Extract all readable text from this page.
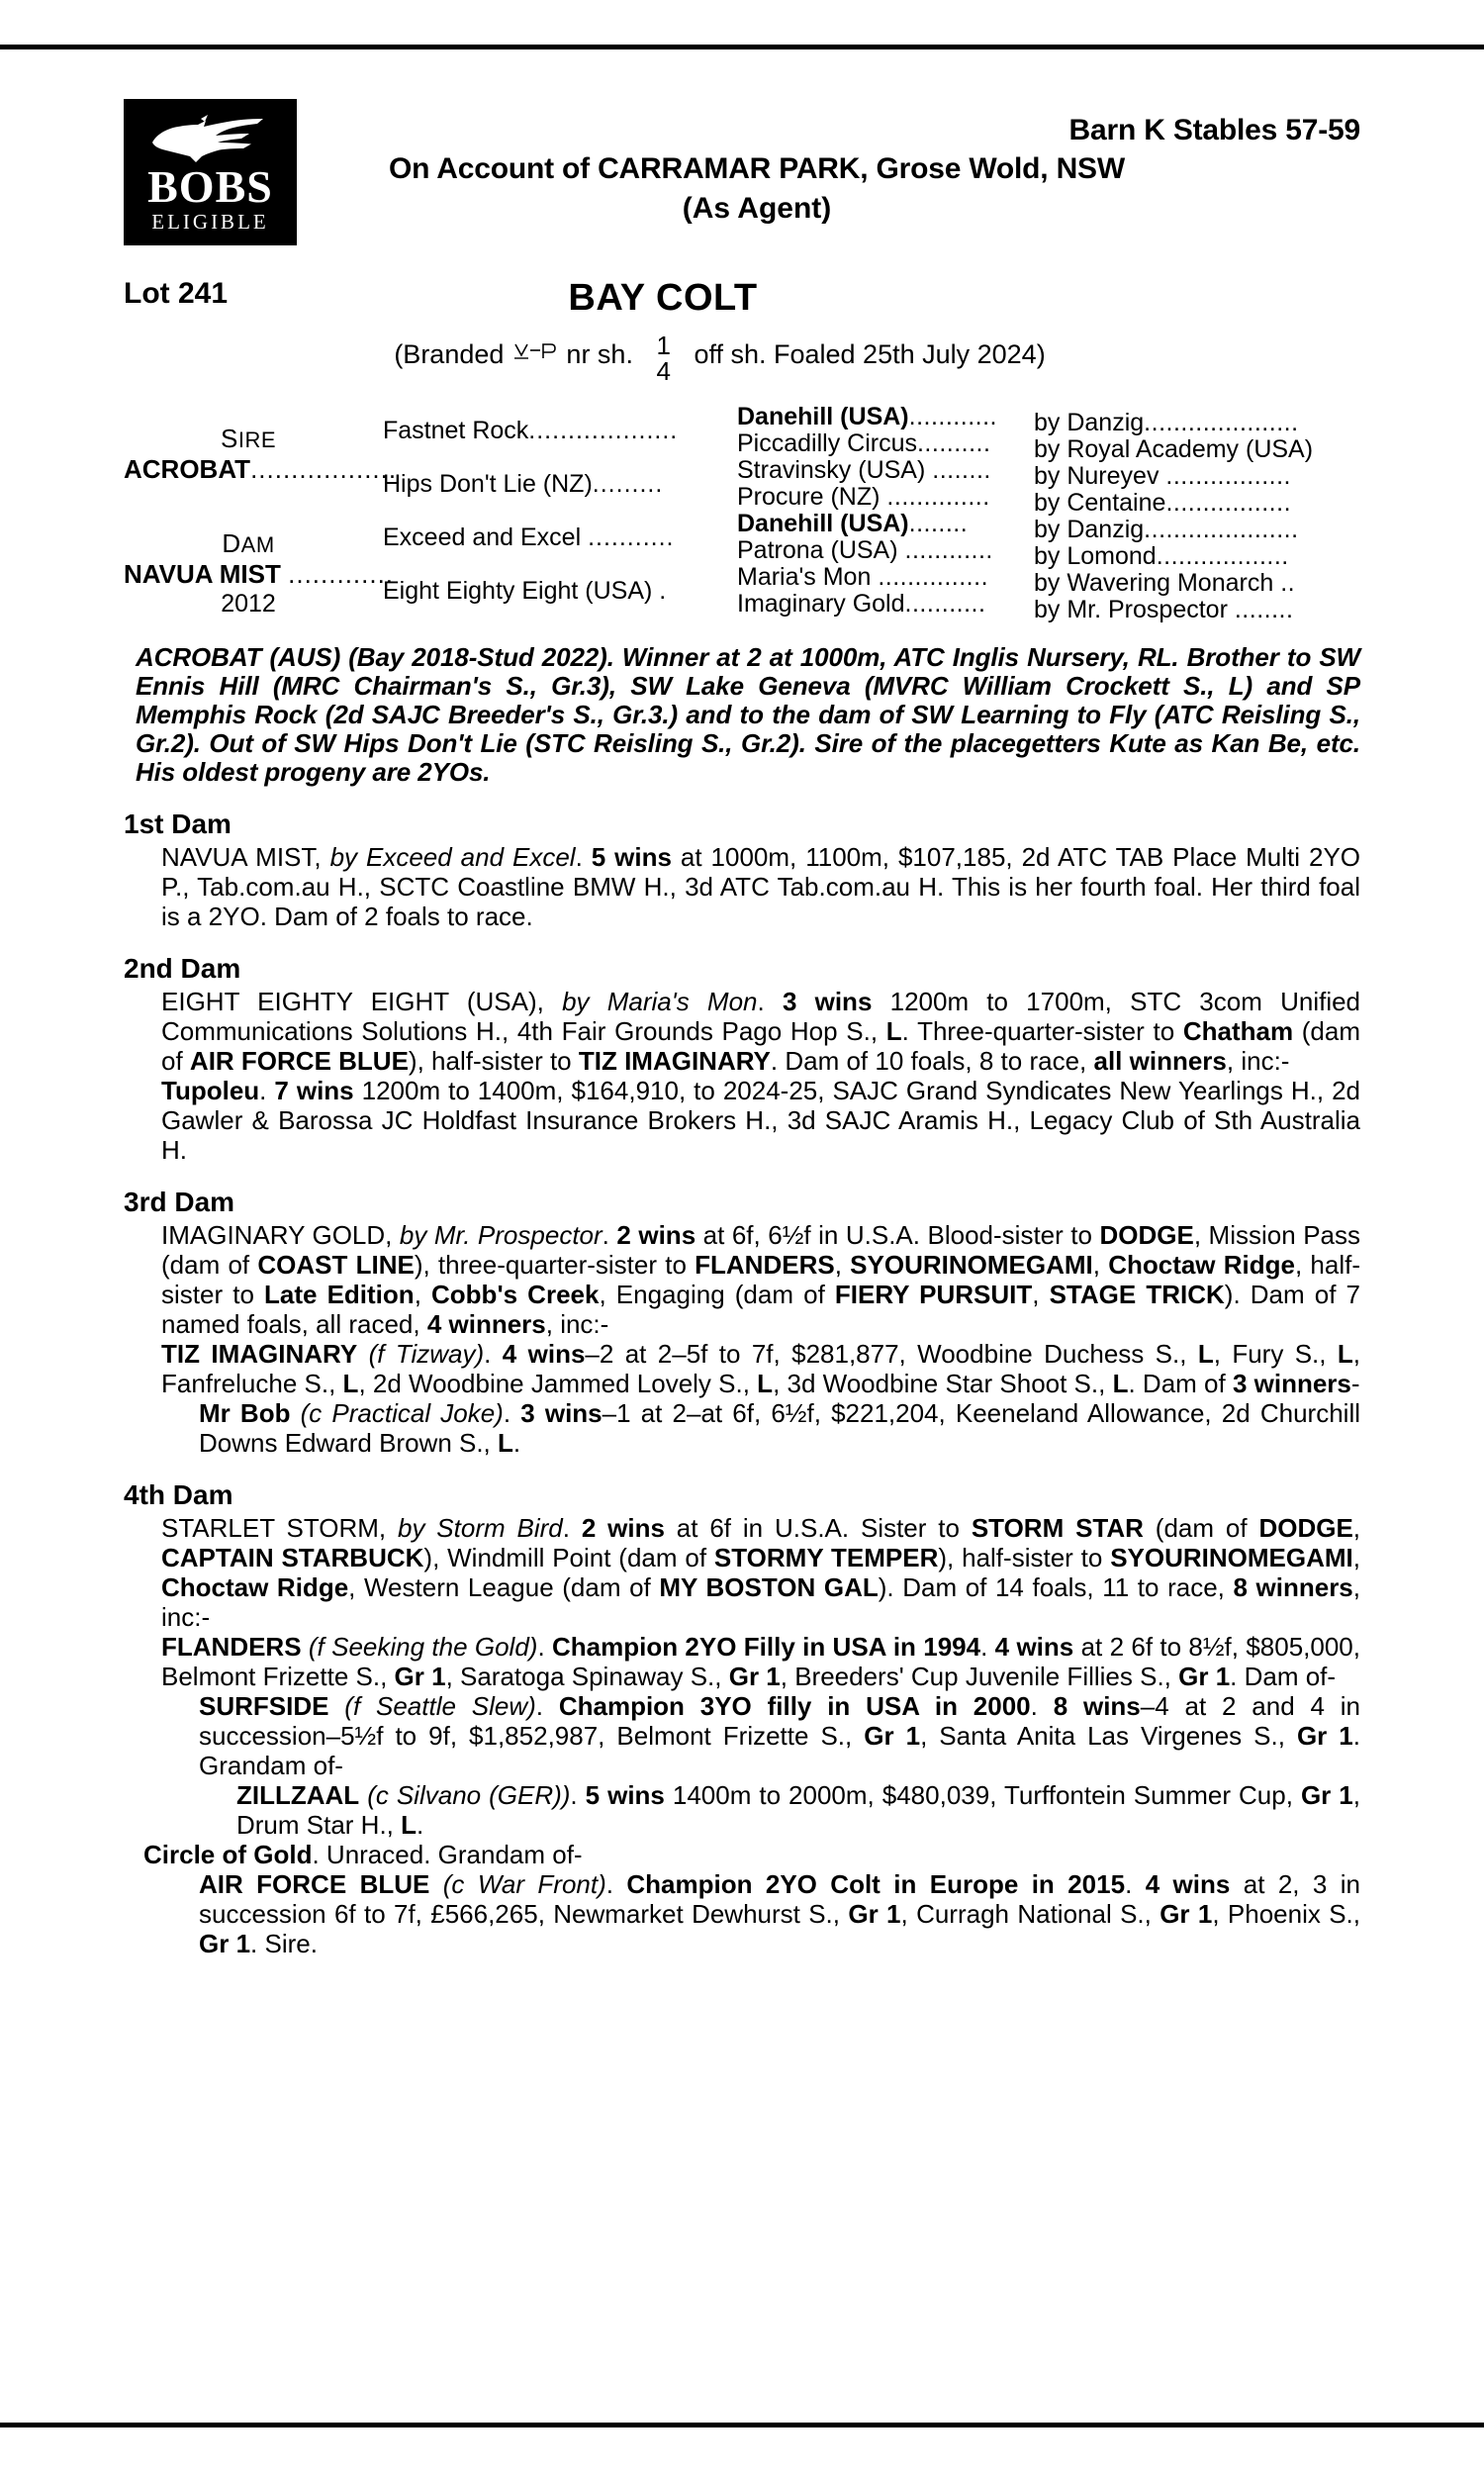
BOBS
ELIGIBLE
Barn K Stables 57-59
On Account of CARRAMAR PARK, Grose Wold, NSW
(As Agent)
Lot 241	BAY COLT
(Branded nr sh. 1
4
off sh. Foaled 25th July 2024)
SIRE
ACROBAT..................
DAM
NAVUA MIST .............
2012
Fastnet Rock...................
Hips Don't Lie (NZ).........
Exceed and Excel ...........
Eight Eighty Eight (USA) .
Danehill (USA)............ by Danzig.....................
Piccadilly Circus.......... by Royal Academy (USA)
Stravinsky (USA) ........ by Nureyev .................
Procure (NZ) .............. by Centaine.................
Danehill (USA)........	by Danzig.....................
Patrona (USA) ............ by Lomond..................
Maria's Mon ............... by Wavering Monarch ..
Imaginary Gold........... by Mr. Prospector ........
ACROBAT (AUS) (Bay 2018-Stud 2022). Winner at 2 at 1000m, ATC Inglis Nursery, RL. Brother to SW Ennis Hill (MRC Chairman's S., Gr.3), SW Lake Geneva (MVRC William Crockett S., L) and SP Memphis Rock (2d SAJC Breeder's S., Gr.3.) and to the dam of SW Learning to Fly (ATC Reisling S., Gr.2). Out of SW Hips Don't Lie (STC Reisling S., Gr.2). Sire of the placegetters Kute as Kan Be, etc. His oldest progeny are 2YOs.
1st Dam

NAVUA MIST, by Exceed and Excel. 5 wins at 1000m, 1100m, $107,185, 2d ATC TAB Place Multi 2YO P., Tab.com.au H., SCTC Coastline BMW H., 3d ATC Tab.com.au H. This is her fourth foal. Her third foal is a 2YO. Dam of 2 foals to race.

2nd Dam

EIGHT EIGHTY EIGHT (USA), by Maria's Mon. 3 wins 1200m to 1700m, STC 3com Unified Communications Solutions H., 4th Fair Grounds Pago Hop S., L. Three-quarter-sister to Chatham (dam of AIR FORCE BLUE), half-sister to TIZ IMAGINARY. Dam of 10 foals, 8 to race, all winners, inc:-

Tupoleu. 7 wins 1200m to 1400m, $164,910, to 2024-25, SAJC Grand Syndicates New Yearlings H., 2d Gawler & Barossa JC Holdfast Insurance Brokers H., 3d SAJC Aramis H., Legacy Club of Sth Australia H.

3rd Dam

IMAGINARY GOLD, by Mr. Prospector. 2 wins at 6f, 6½f in U.S.A. Blood-sister to DODGE, Mission Pass (dam of COAST LINE), three-quarter-sister to FLANDERS, SYOURINOMEGAMI, Choctaw Ridge, half-sister to Late Edition, Cobb's Creek, Engaging (dam of FIERY PURSUIT, STAGE TRICK). Dam of 7 named foals, all raced, 4 winners, inc:-

TIZ IMAGINARY (f Tizway). 4 wins–2 at 2–5f to 7f, $281,877, Woodbine Duchess S., L, Fury S., L, Fanfreluche S., L, 2d Woodbine Jammed Lovely S., L, 3d Woodbine Star Shoot S., L. Dam of 3 winners-

Mr Bob (c Practical Joke). 3 wins–1 at 2–at 6f, 6½f, $221,204, Keeneland Allowance, 2d Churchill Downs Edward Brown S., L.

4th Dam

STARLET STORM, by Storm Bird. 2 wins at 6f in U.S.A. Sister to STORM STAR (dam of DODGE, CAPTAIN STARBUCK), Windmill Point (dam of STORMY TEMPER), half-sister to SYOURINOMEGAMI, Choctaw Ridge, Western League (dam of MY BOSTON GAL). Dam of 14 foals, 11 to race, 8 winners, inc:-

FLANDERS (f Seeking the Gold). Champion 2YO Filly in USA in 1994. 4 wins at 2 6f to 8½f, $805,000, Belmont Frizette S., Gr 1, Saratoga Spinaway S., Gr 1, Breeders' Cup Juvenile Fillies S., Gr 1. Dam of-

SURFSIDE (f Seattle Slew). Champion 3YO filly in USA in 2000. 8 wins–4 at 2 and 4 in succession–5½f to 9f, $1,852,987, Belmont Frizette S., Gr 1, Santa Anita Las Virgenes S., Gr 1. Grandam of-

ZILLZAAL (c Silvano (GER)). 5 wins 1400m to 2000m, $480,039, Turffontein Summer Cup, Gr 1, Drum Star H., L.

Circle of Gold. Unraced. Grandam of-

AIR FORCE BLUE (c War Front). Champion 2YO Colt in Europe in 2015. 4 wins at 2, 3 in succession 6f to 7f, £566,265, Newmarket Dewhurst S., Gr 1, Curragh National S., Gr 1, Phoenix S., Gr 1. Sire.
